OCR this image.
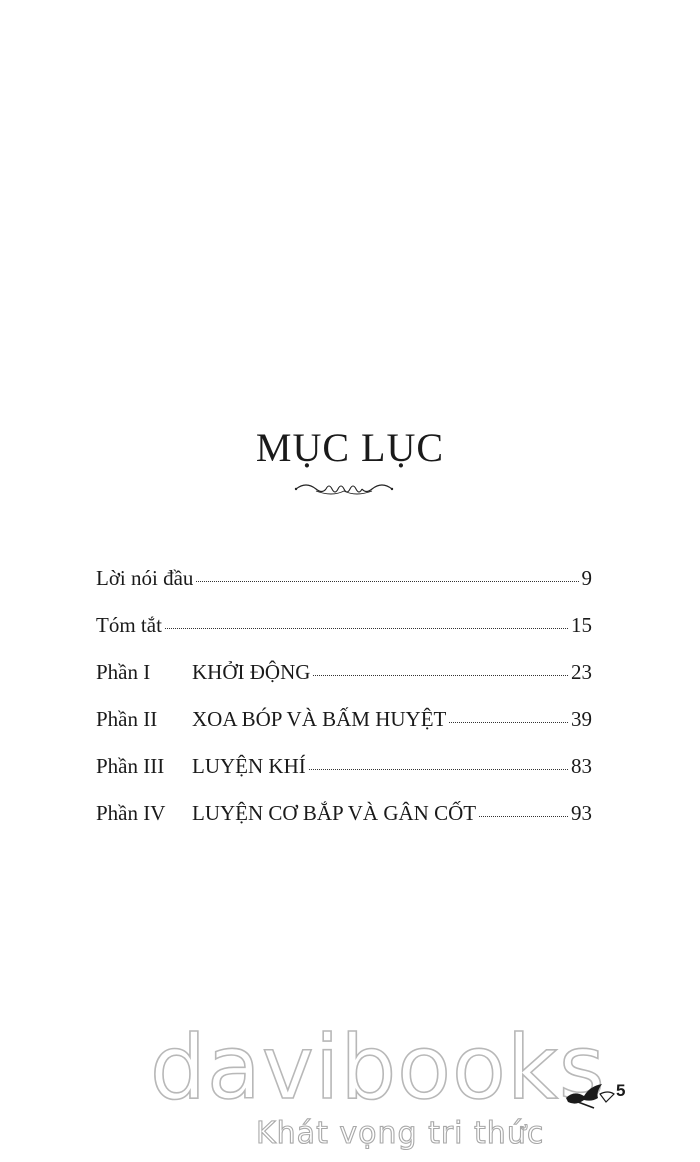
MỤC LỤC
Lời nói đầu	9
Tóm tắt	15
Phần I	KHỞI ĐỘNG	23
Phần II	XOA BÓP VÀ BẤM HUYỆT	39
Phần III	LUYỆN KHÍ	83
Phần IV	LUYỆN CƠ BẮP VÀ GÂN CỐT	93
davibooks
Khát vọng tri thức
5
